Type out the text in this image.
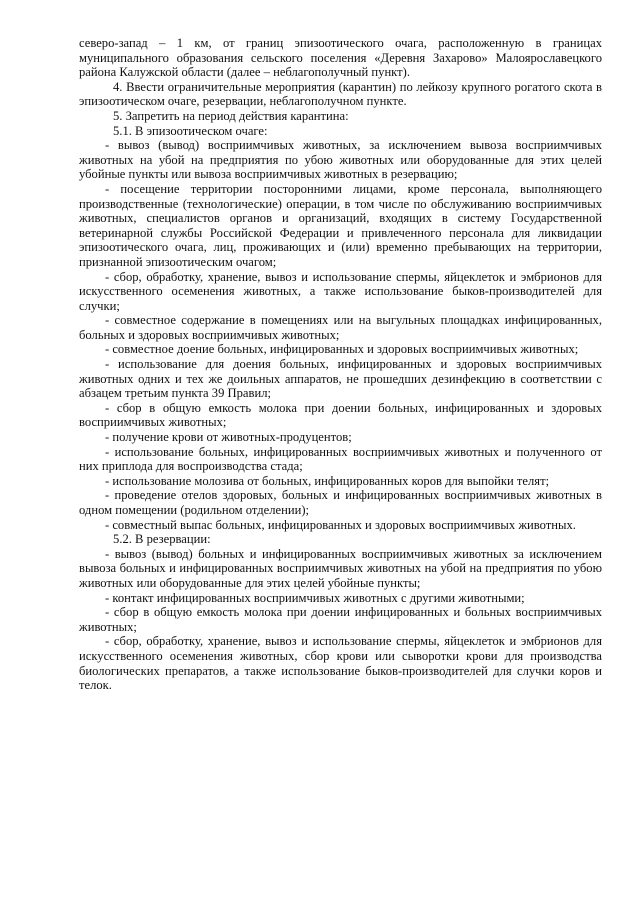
северо-запад – 1 км, от границ эпизоотического очага, расположенную в границах муниципального образования сельского поселения «Деревня Захарово» Малоярославецкого района Калужской области (далее – неблагополучный пункт).

4. Ввести ограничительные мероприятия (карантин) по лейкозу крупного рогатого скота в эпизоотическом очаге, резервации, неблагополучном пункте.

5. Запретить на период действия карантина:

5.1. В эпизоотическом очаге:

- вывоз (вывод) восприимчивых животных, за исключением вывоза восприимчивых животных на убой на предприятия по убою животных или оборудованные для этих целей убойные пункты или вывоза восприимчивых животных в резервацию;

- посещение территории посторонними лицами, кроме персонала, выполняющего производственные (технологические) операции, в том числе по обслуживанию восприимчивых животных, специалистов органов и организаций, входящих в систему Государственной ветеринарной службы Российской Федерации и привлеченного персонала для ликвидации эпизоотического очага, лиц, проживающих и (или) временно пребывающих на территории, признанной эпизоотическим очагом;

- сбор, обработку, хранение, вывоз и использование спермы, яйцеклеток и эмбрионов для искусственного осеменения животных, а также использование быков-производителей для случки;

- совместное содержание в помещениях или на выгульных площадках инфицированных, больных и здоровых восприимчивых животных;

- совместное доение больных, инфицированных и здоровых восприимчивых животных;

- использование для доения больных, инфицированных и здоровых восприимчивых животных одних и тех же доильных аппаратов, не прошедших дезинфекцию в соответствии с абзацем третьим пункта 39 Правил;

- сбор в общую емкость молока при доении больных, инфицированных и здоровых восприимчивых животных;

- получение крови от животных-продуцентов;

- использование больных, инфицированных восприимчивых животных и полученного от них приплода для воспроизводства стада;

- использование молозива от больных, инфицированных коров для выпойки телят;

- проведение отелов здоровых, больных и инфицированных восприимчивых животных в одном помещении (родильном отделении);

- совместный выпас больных, инфицированных и здоровых восприимчивых животных.

5.2. В резервации:

- вывоз (вывод) больных и инфицированных восприимчивых животных за исключением вывоза больных и инфицированных восприимчивых животных на убой на предприятия по убою животных или оборудованные для этих целей убойные пункты;

- контакт инфицированных восприимчивых животных с другими животными;

- сбор в общую емкость молока при доении инфицированных и больных восприимчивых животных;

- сбор, обработку, хранение, вывоз и использование спермы, яйцеклеток и эмбрионов для искусственного осеменения животных, сбор крови или сыворотки крови для производства биологических препаратов, а также использование быков-производителей для случки коров и телок.
